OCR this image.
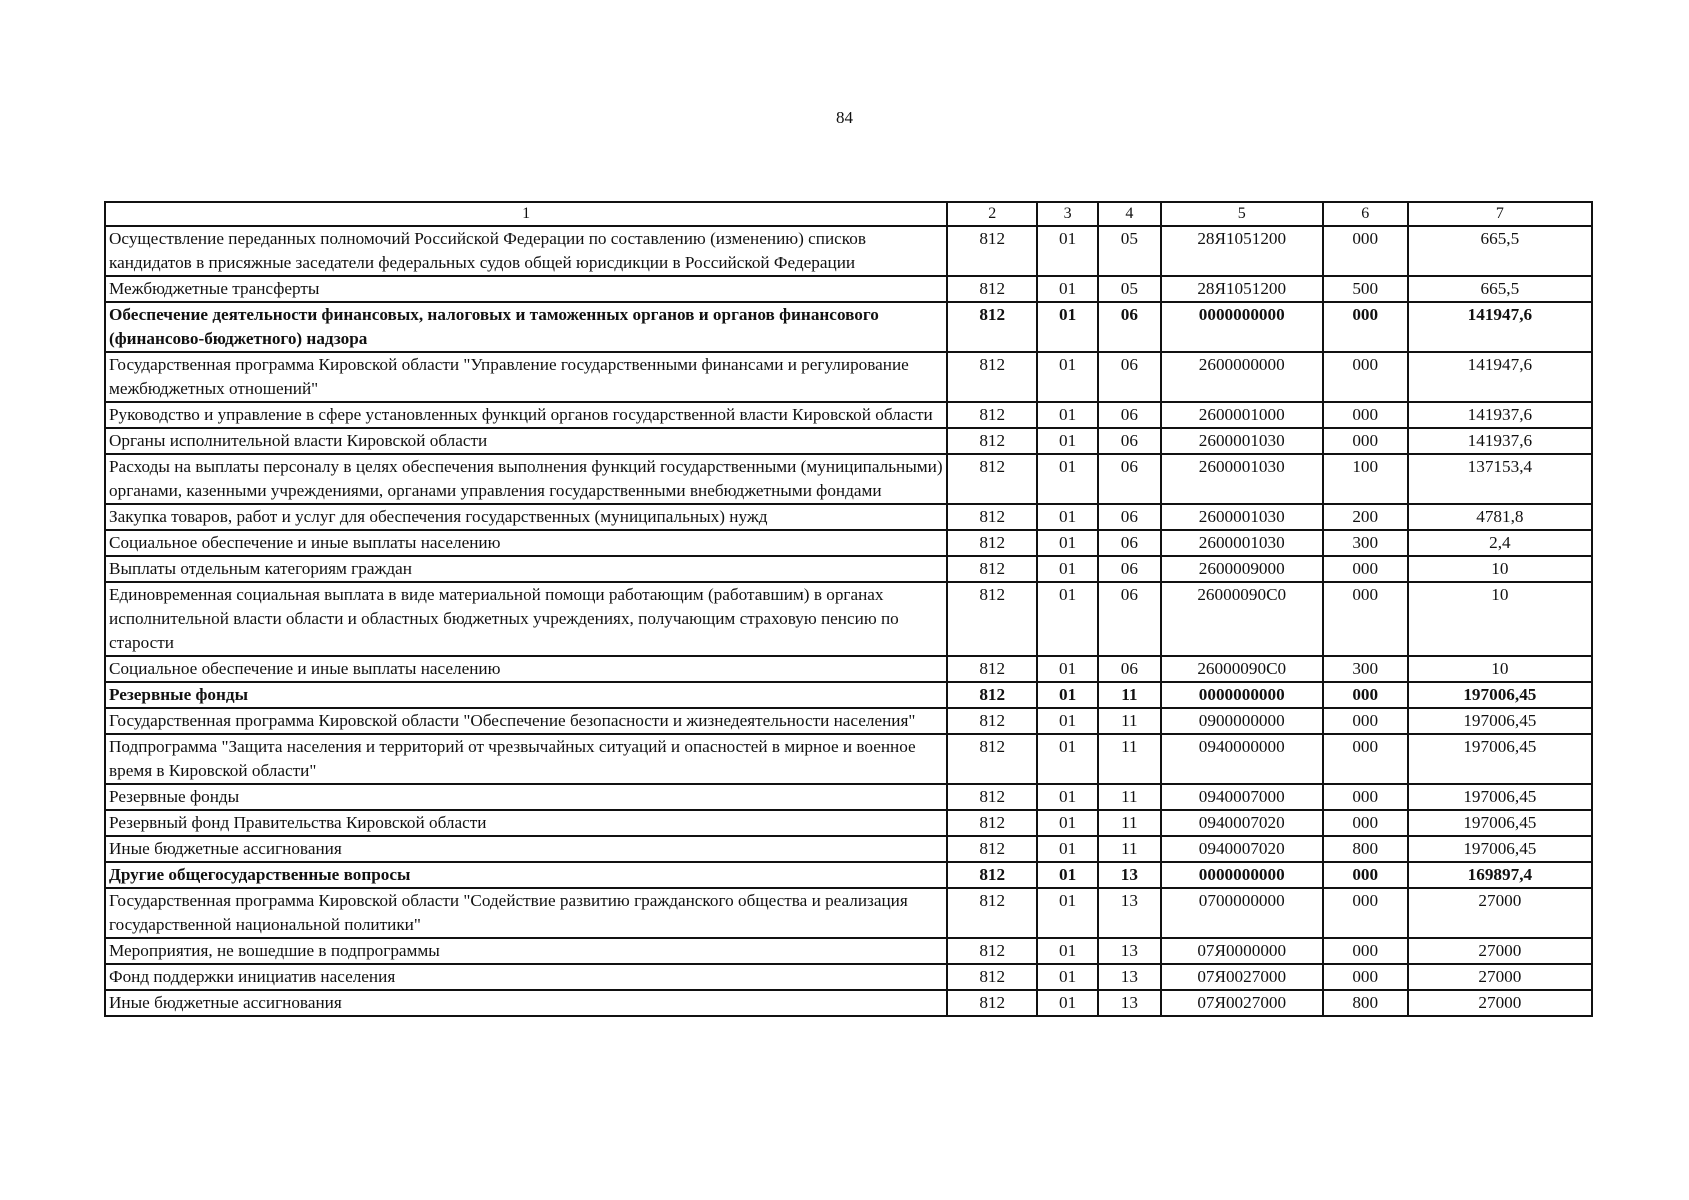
84
1	2	3	4	5	6	7
Осуществление переданных полномочий Российской Федерации по составлению (изменению) списков кандидатов в присяжные заседатели федеральных судов общей юрисдикции в Российской Федерации	812	01	05	28Я1051200	000	665,5
Межбюджетные трансферты	812	01	05	28Я1051200	500	665,5
Обеспечение деятельности финансовых, налоговых и таможенных органов и органов финансового (финансово-бюджетного) надзора	812	01	06	0000000000	000	141947,6
Государственная программа Кировской области "Управление государственными финансами и регулирование межбюджетных отношений"	812	01	06	2600000000	000	141947,6
Руководство и управление в сфере установленных функций органов государственной власти Кировской области	812	01	06	2600001000	000	141937,6
Органы исполнительной власти Кировской области	812	01	06	2600001030	000	141937,6
Расходы на выплаты персоналу в целях обеспечения выполнения функций государственными (муниципальными) органами, казенными учреждениями, органами управления государственными внебюджетными фондами	812	01	06	2600001030	100	137153,4
Закупка товаров, работ и услуг для обеспечения государственных (муниципальных) нужд	812	01	06	2600001030	200	4781,8
Социальное обеспечение и иные выплаты населению	812	01	06	2600001030	300	2,4
Выплаты отдельным категориям граждан	812	01	06	2600009000	000	10
Единовременная социальная выплата в виде материальной помощи работающим (работавшим) в органах исполнительной власти области и областных бюджетных учреждениях, получающим страховую пенсию по старости	812	01	06	26000090С0	000	10
Социальное обеспечение и иные выплаты населению	812	01	06	26000090С0	300	10
Резервные фонды	812	01	11	0000000000	000	197006,45
Государственная программа Кировской области "Обеспечение безопасности и жизнедеятельности населения"	812	01	11	0900000000	000	197006,45
Подпрограмма "Защита населения и территорий от чрезвычайных ситуаций и опасностей в мирное и военное время в Кировской области"	812	01	11	0940000000	000	197006,45
Резервные фонды	812	01	11	0940007000	000	197006,45
Резервный фонд Правительства Кировской области	812	01	11	0940007020	000	197006,45
Иные бюджетные ассигнования	812	01	11	0940007020	800	197006,45
Другие общегосударственные вопросы	812	01	13	0000000000	000	169897,4
Государственная программа Кировской области "Содействие развитию гражданского общества и реализация государственной национальной политики"	812	01	13	0700000000	000	27000
Мероприятия, не вошедшие в подпрограммы	812	01	13	07Я0000000	000	27000
Фонд поддержки инициатив населения	812	01	13	07Я0027000	000	27000
Иные бюджетные ассигнования	812	01	13	07Я0027000	800	27000
